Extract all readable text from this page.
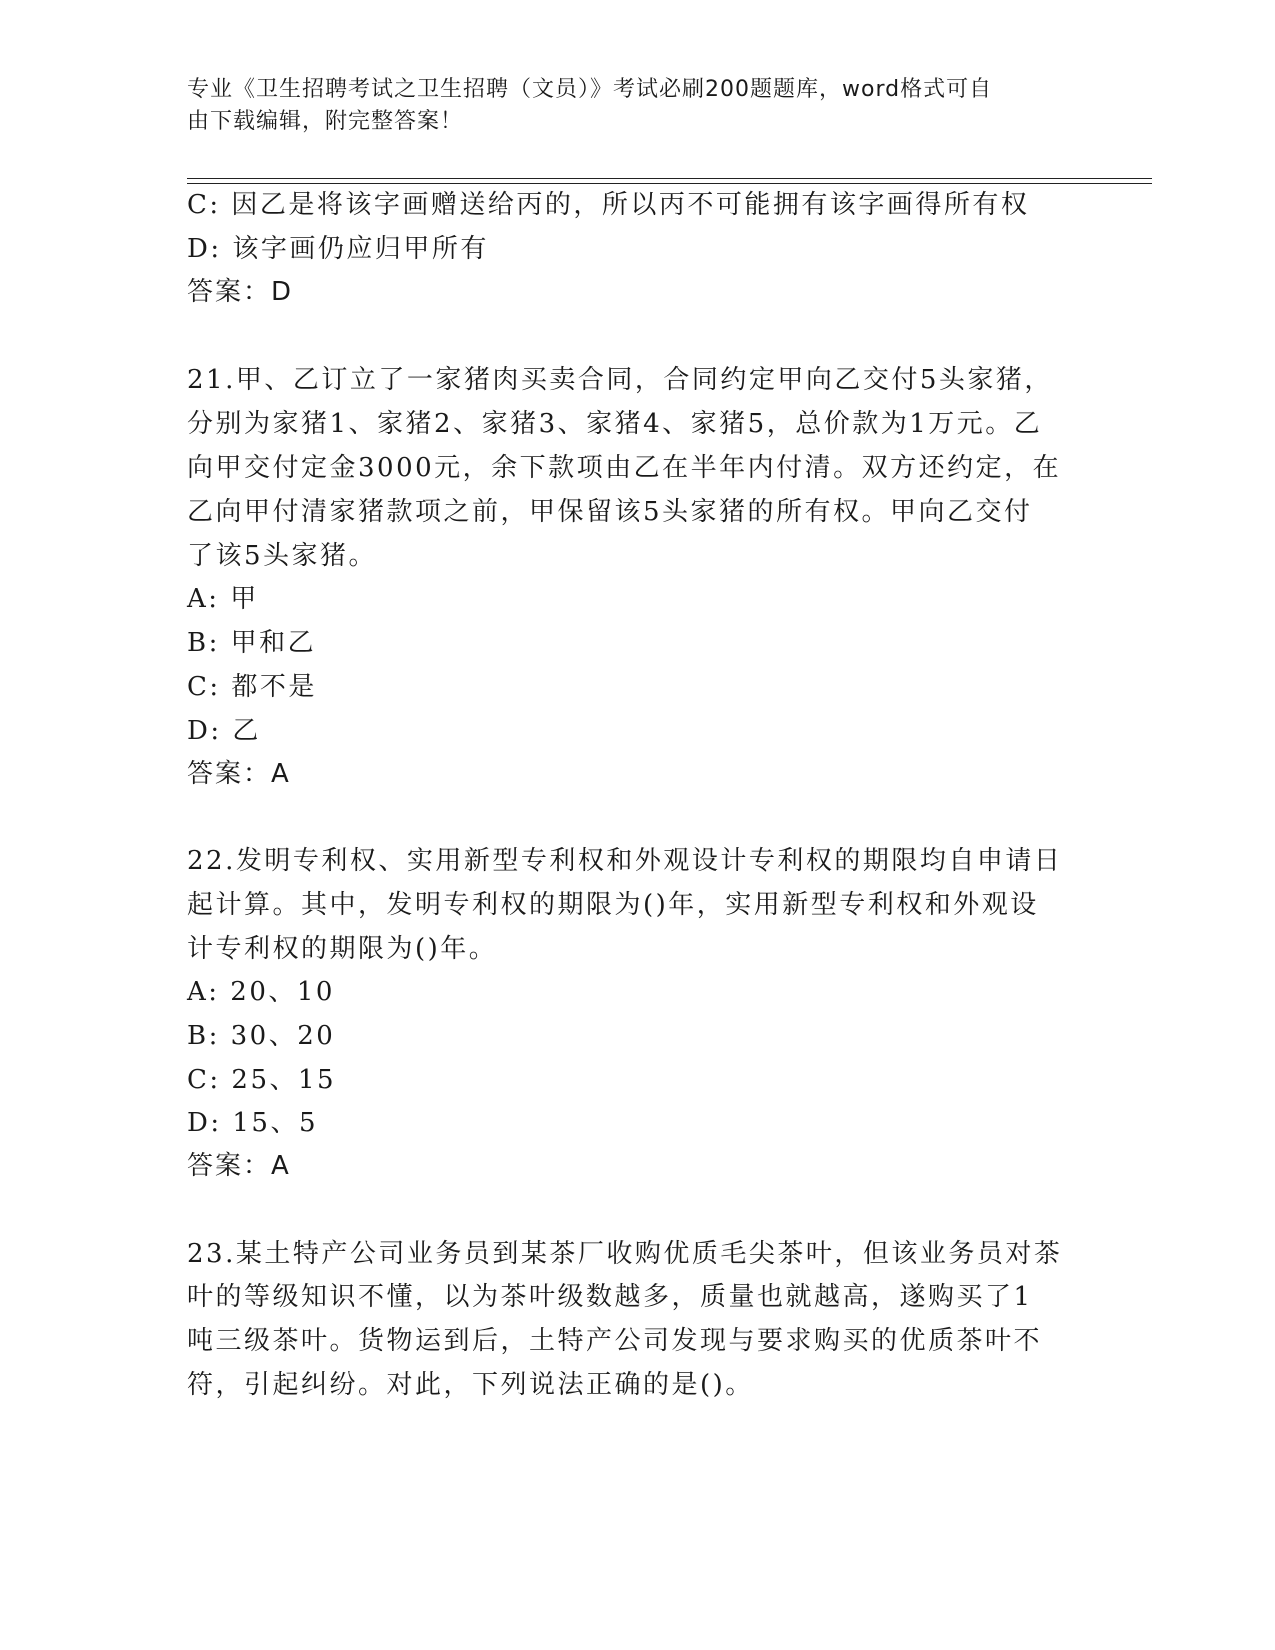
专业《卫生招聘考试之卫生招聘（文员）》考试必刷200题题库，word格式可自
由下载编辑，附完整答案！
C: 因乙是将该字画赠送给丙的，所以丙不可能拥有该字画得所有权
D: 该字画仍应归甲所有
答案：D
21.甲、乙订立了一家猪肉买卖合同，合同约定甲向乙交付5头家猪，
分别为家猪1、家猪2、家猪3、家猪4、家猪5，总价款为1万元。乙
向甲交付定金3000元，余下款项由乙在半年内付清。双方还约定，在
乙向甲付清家猪款项之前，甲保留该5头家猪的所有权。甲向乙交付
了该5头家猪。
A: 甲
B: 甲和乙
C: 都不是
D: 乙
答案：A
22.发明专利权、实用新型专利权和外观设计专利权的期限均自申请日
起计算。其中，发明专利权的期限为()年，实用新型专利权和外观设
计专利权的期限为()年。
A: 20、10
B: 30、20
C: 25、15
D: 15、5
答案：A
23.某土特产公司业务员到某茶厂收购优质毛尖茶叶，但该业务员对茶
叶的等级知识不懂，以为茶叶级数越多，质量也就越高，遂购买了1
吨三级茶叶。货物运到后，土特产公司发现与要求购买的优质茶叶不
符，引起纠纷。对此，下列说法正确的是()。
